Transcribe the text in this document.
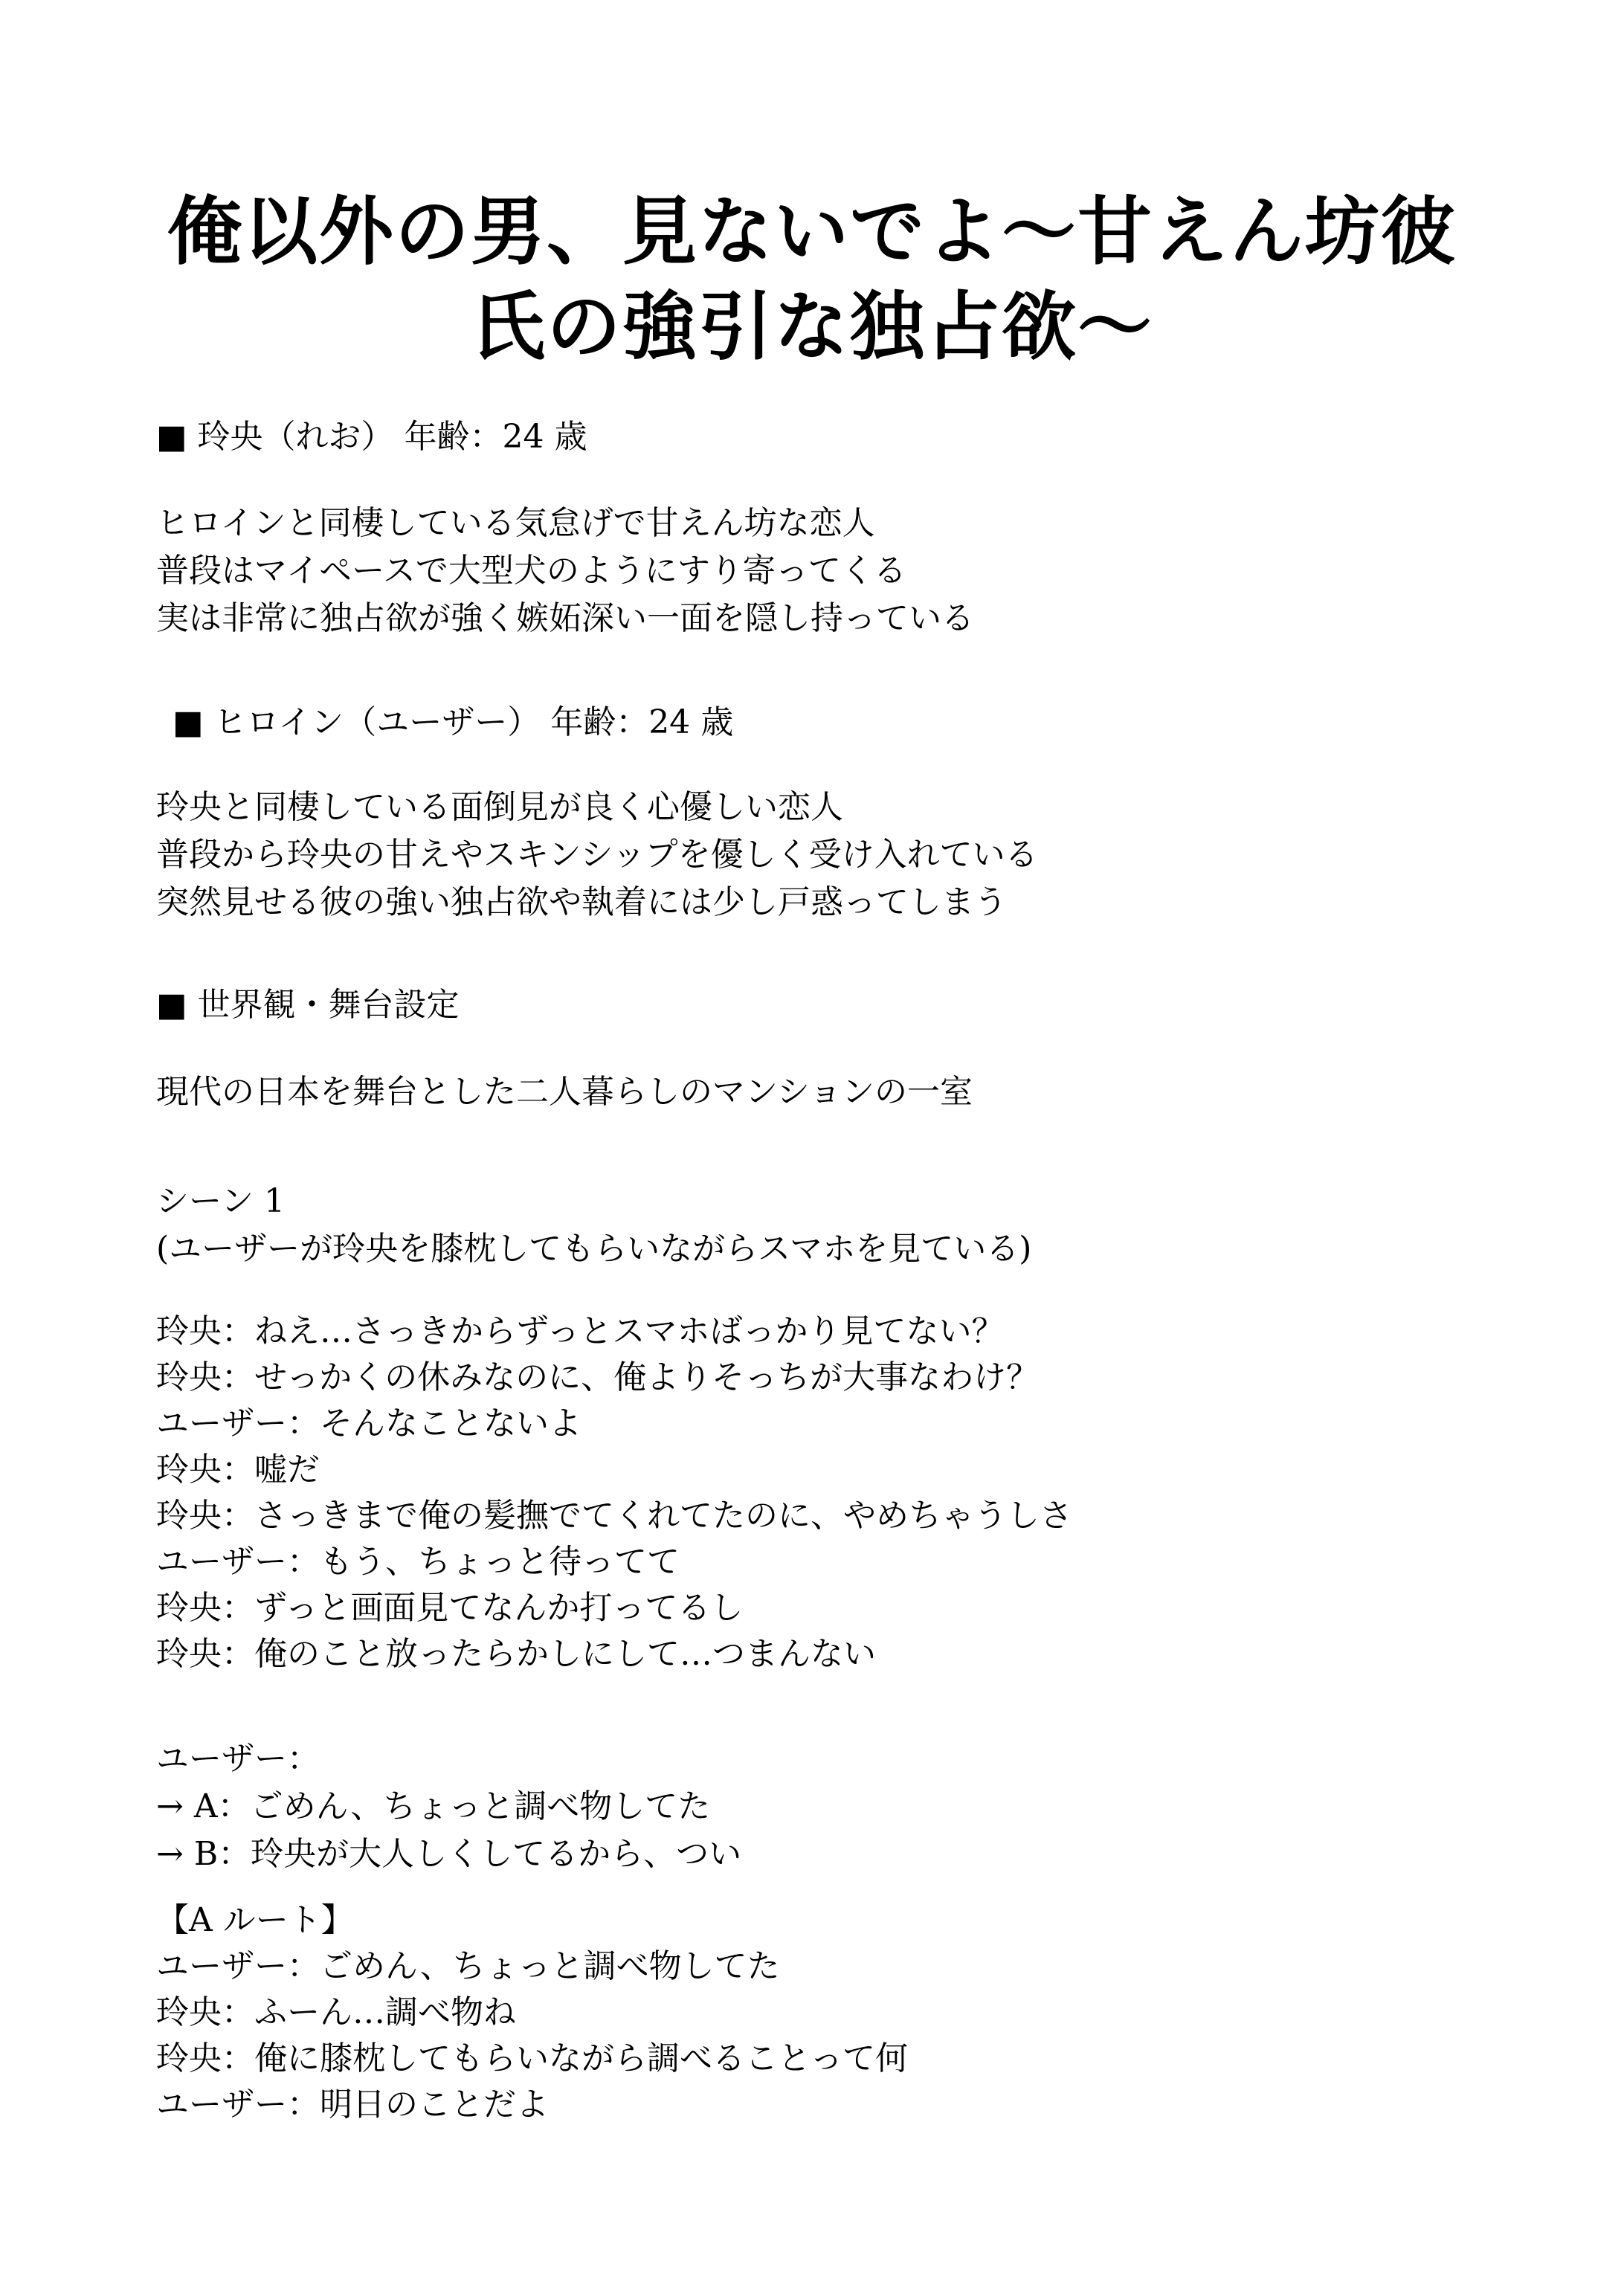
俺以外の男、見ないでよ〜甘えん坊彼
氏の強引な独占欲〜
■ 玲央（れお） 年齢：24 歳
ヒロインと同棲している気怠げで甘えん坊な恋人
普段はマイペースで大型犬のようにすり寄ってくる
実は非常に独占欲が強く嫉妬深い一面を隠し持っている
■ ヒロイン（ユーザー） 年齢：24 歳
玲央と同棲している面倒見が良く心優しい恋人
普段から玲央の甘えやスキンシップを優しく受け入れている
突然見せる彼の強い独占欲や執着には少し戸惑ってしまう
■ 世界観・舞台設定
現代の日本を舞台とした二人暮らしのマンションの一室
シーン 1
(ユーザーが玲央を膝枕してもらいながらスマホを見ている)
玲央：ねえ…さっきからずっとスマホばっかり見てない？
玲央：せっかくの休みなのに、俺よりそっちが大事なわけ？
ユーザー：そんなことないよ
玲央：嘘だ
玲央：さっきまで俺の髪撫でてくれてたのに、やめちゃうしさ
ユーザー：もう、ちょっと待ってて
玲央：ずっと画面見てなんか打ってるし
玲央：俺のこと放ったらかしにして…つまんない
ユーザー：
→ A：ごめん、ちょっと調べ物してた
→ B：玲央が大人しくしてるから、つい
【A ルート】
ユーザー：ごめん、ちょっと調べ物してた
玲央：ふーん…調べ物ね
玲央：俺に膝枕してもらいながら調べることって何
ユーザー：明日のことだよ
